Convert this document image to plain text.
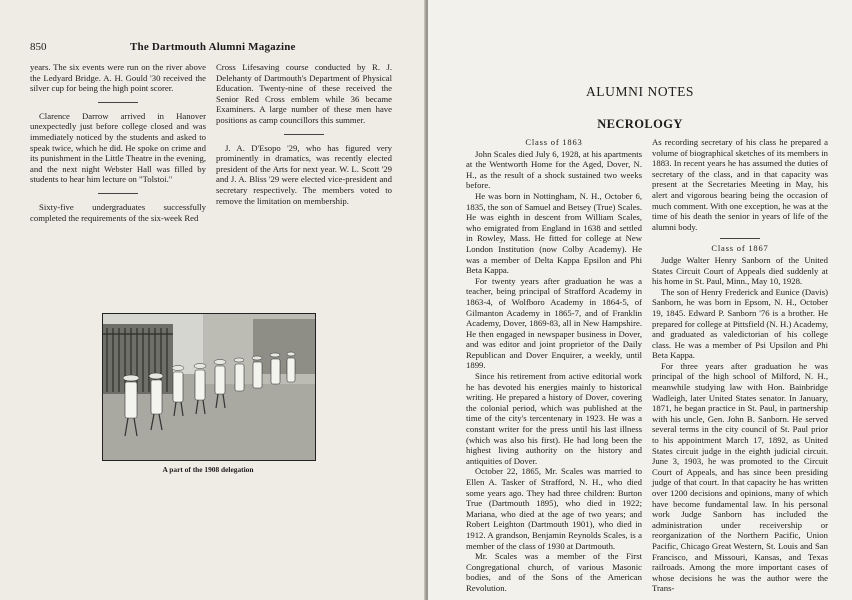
850	The Dartmouth Alumni Magazine

years. The six events were run on the river above the Ledyard Bridge. A. H. Gould '30 received the silver cup for being the high point scorer.

Clarence Darrow arrived in Hanover unexpectedly just before college closed and was immediately noticed by the students and asked to speak twice, which he did. He spoke on crime and its punishment in the Little Theatre in the evening, and the next night Webster Hall was filled by students to hear him lecture on "Tolstoi."

Sixty-five undergraduates successfully completed the requirements of the six-week Red

Cross Lifesaving course conducted by R. J. Delehanty of Dartmouth's Department of Physical Education. Twenty-nine of these received the Senior Red Cross emblem while 36 became Examiners. A large number of these men have positions as camp councillors this summer.

J. A. D'Esopo '29, who has figured very prominently in dramatics, was recently elected president of the Arts for next year. W. L. Scott '29 and J. A. Bliss '29 were elected vice-president and secretary respectively. The members voted to remove the limitation on membership.

A part of the 1908 delegation
ALUMNI NOTES
NECROLOGY
Class of 1863

John Scales died July 6, 1928, at his apartments at the Wentworth Home for the Aged, Dover, N. H., as the result of a shock sustained two weeks before.

He was born in Nottingham, N. H., October 6, 1835, the son of Samuel and Betsey (True) Scales. He was eighth in descent from William Scales, who emigrated from England in 1638 and settled in Rowley, Mass. He fitted for college at New London Institution (now Colby Academy). He was a member of Delta Kappa Epsilon and Phi Beta Kappa.

For twenty years after graduation he was a teacher, being principal of Strafford Academy in 1863-4, of Wolfboro Academy in 1864-5, of Gilmanton Academy in 1865-7, and of Franklin Academy, Dover, 1869-83, all in New Hampshire. He then engaged in newspaper business in Dover, and was editor and joint proprietor of the Daily Republican and Dover Enquirer, a weekly, until 1899.

Since his retirement from active editorial work he has devoted his energies mainly to historical writing. He prepared a history of Dover, covering the colonial period, which was published at the time of the city's tercentenary in 1923. He was a constant writer for the press until his last illness (which was also his first). He had long been the highest living authority on the history and antiquities of Dover.

October 22, 1865, Mr. Scales was married to Ellen A. Tasker of Strafford, N. H., who died some years ago. They had three children: Burton True (Dartmouth 1895), who died in 1922; Mariana, who died at the age of two years; and Robert Leighton (Dartmouth 1901), who died in 1912. A grandson, Benjamin Reynolds Scales, is a member of the class of 1930 at Dartmouth.

Mr. Scales was a member of the First Congregational church, of various Masonic bodies, and of the Sons of the American Revolution.

As recording secretary of his class he prepared a volume of biographical sketches of its members in 1883. In recent years he has assumed the duties of secretary of the class, and in that capacity was present at the Secretaries Meeting in May, his alert and vigorous bearing being the occasion of much comment. With one exception, he was at the time of his death the senior in years of life of the alumni body.

Class of 1867

Judge Walter Henry Sanborn of the United States Circuit Court of Appeals died suddenly at his home in St. Paul, Minn., May 10, 1928.

The son of Henry Frederick and Eunice (Davis) Sanborn, he was born in Epsom, N. H., October 19, 1845. Edward P. Sanborn '76 is a brother. He prepared for college at Pittsfield (N. H.) Academy, and graduated as valedictorian of his college class. He was a member of Psi Upsilon and Phi Beta Kappa.

For three years after graduation he was principal of the high school of Milford, N. H., meanwhile studying law with Hon. Bainbridge Wadleigh, later United States senator. In January, 1871, he began practice in St. Paul, in partnership with his uncle, Gen. John B. Sanborn. He served several terms in the city council of St. Paul prior to his appointment March 17, 1892, as United States circuit judge in the eighth judicial circuit. June 3, 1903, he was promoted to the Circuit Court of Appeals, and has since been presiding judge of that court. In that capacity he has written over 1200 decisions and opinions, many of which have become fundamental law. In his personal work Judge Sanborn has included the administration under receivership or reorganization of the Northern Pacific, Union Pacific, Chicago Great Western, St. Louis and San Francisco, and Missouri, Kansas, and Texas railroads. Among the more important cases of whose decisions he was the author were the Trans-
